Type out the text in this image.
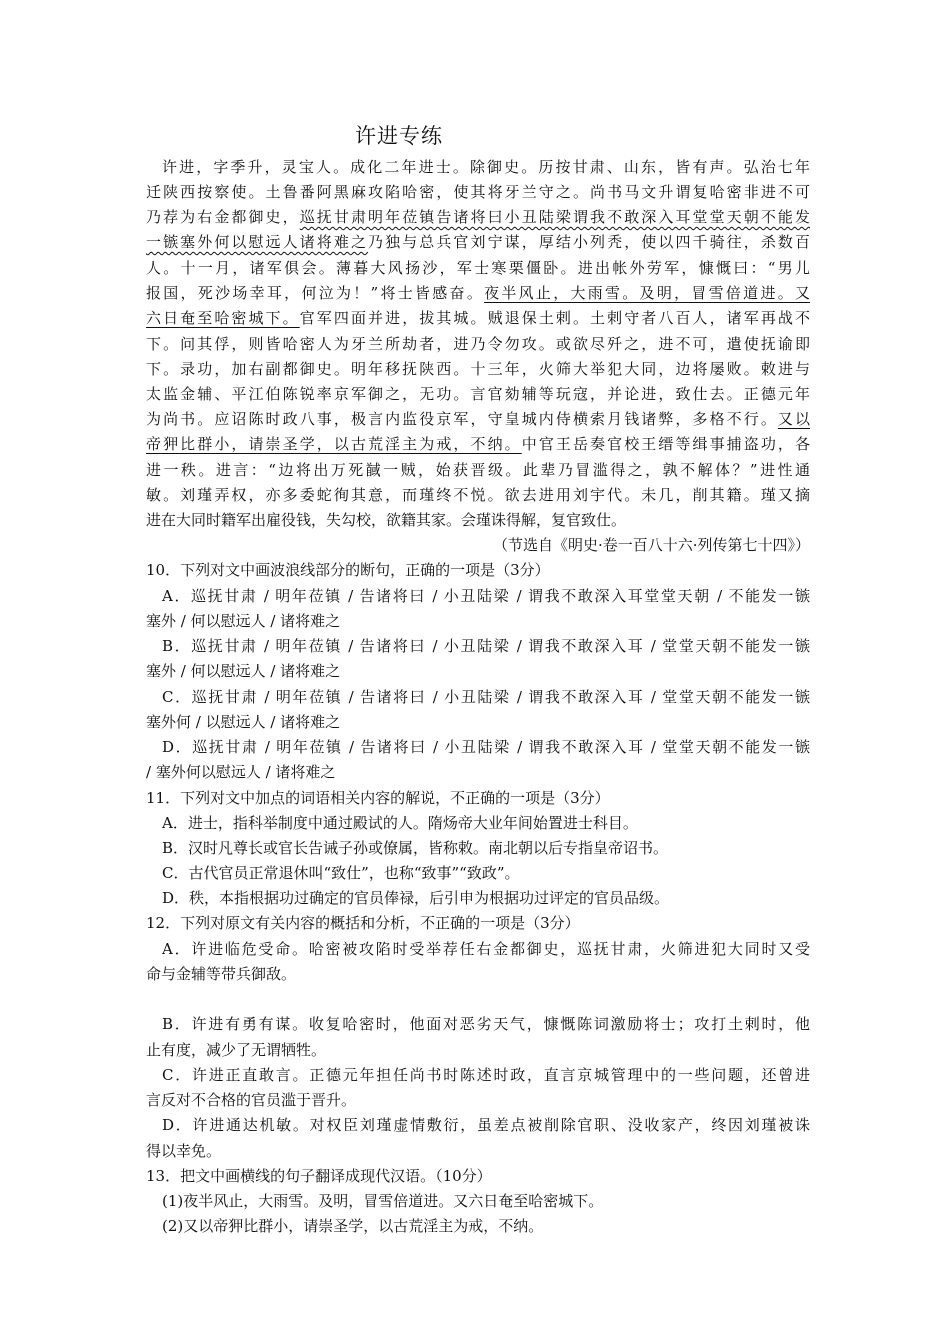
许进专练
许进，字季升，灵宝人。成化二年进士。除御史。历按甘肃、山东，皆有声。弘治七年
迁陕西按察使。土鲁番阿黑麻攻陷哈密，使其将牙兰守之。尚书马文升谓复哈密非进不可
乃荐为右金都御史，巡抚甘肃明年莅镇告诸将曰小丑陆梁谓我不敢深入耳堂堂天朝不能发
一镞塞外何以慰远人诸将难之乃独与总兵官刘宁谋，厚结小列秃，使以四千骑往，杀数百
人。十一月，诸军俱会。薄暮大风扬沙，军士寒栗僵卧。进出帐外劳军，慷慨曰：“男儿
报国，死沙场幸耳，何泣为！”将士皆感奋。夜半风止，大雨雪。及明，冒雪倍道进。又
六日奄至哈密城下。官军四面并进，拔其城。贼退保土剌。土剌守者八百人，诸军再战不
下。问其俘，则皆哈密人为牙兰所劫者，进乃令勿攻。或欲尽歼之，进不可，遣使抚谕即
下。录功，加右副都御史。明年移抚陕西。十三年，火筛大举犯大同，边将屡败。敕进与
太监金辅、平江伯陈锐率京军御之，无功。言官劾辅等玩寇，并论进，致仕去。正德元年
为尚书。应诏陈时政八事，极言内监役京军，守皇城内侍横索月钱诸弊，多格不行。又以
帝狎比群小，请崇圣学，以古荒淫主为戒，不纳。中官王岳奏官校王缙等缉事捕盗功，各
进一秩。进言：“边将出万死馘一贼，始获晋级。此辈乃冒滥得之，孰不解体？”进性通
敏。刘瑾弄权，亦多委蛇徇其意，而瑾终不悦。欲去进用刘宇代。未几，削其籍。瑾又摘
进在大同时籍军出雇役钱，失勾校，欲籍其家。会瑾诛得解，复官致仕。
（节选自《明史·卷一百八十六·列传第七十四》）
10．下列对文中画波浪线部分的断句，正确的一项是（3分）
A．巡抚甘肃 / 明年莅镇 / 告诸将曰 / 小丑陆梁 / 谓我不敢深入耳堂堂天朝 / 不能发一镞
塞外 / 何以慰远人 / 诸将难之
B．巡抚甘肃 / 明年莅镇 / 告诸将曰 / 小丑陆梁 / 谓我不敢深入耳 / 堂堂天朝不能发一镞
塞外 / 何以慰远人 / 诸将难之
C．巡抚甘肃 / 明年莅镇 / 告诸将曰 / 小丑陆梁 / 谓我不敢深入耳 / 堂堂天朝不能发一镞
塞外何 / 以慰远人 / 诸将难之
D．巡抚甘肃 / 明年莅镇 / 告诸将曰 / 小丑陆梁 / 谓我不敢深入耳 / 堂堂天朝不能发一镞
/ 塞外何以慰远人 / 诸将难之
11．下列对文中加点的词语相关内容的解说，不正确的一项是（3分）
A．进士，指科举制度中通过殿试的人。隋炀帝大业年间始置进士科目。
B．汉时凡尊长或官长告诫子孙或僚属，皆称敕。南北朝以后专指皇帝诏书。
C．古代官员正常退休叫“致仕”，也称“致事”“致政”。
D．秩，本指根据功过确定的官员俸禄，后引申为根据功过评定的官员品级。
12．下列对原文有关内容的概括和分析，不正确的一项是（3分）
A．许进临危受命。哈密被攻陷时受举荐任右金都御史，巡抚甘肃，火筛进犯大同时又受
命与金辅等带兵御敌。
B．许进有勇有谋。收复哈密时，他面对恶劣天气，慷慨陈词激励将士；攻打土剌时，他
止有度，减少了无谓牺牲。
C．许进正直敢言。正德元年担任尚书时陈述时政，直言京城管理中的一些问题，还曾进
言反对不合格的官员滥于晋升。
D．许进通达机敏。对权臣刘瑾虚情敷衍，虽差点被削除官职、没收家产，终因刘瑾被诛
得以幸免。
13．把文中画横线的句子翻译成现代汉语。（10分）
(1)夜半风止，大雨雪。及明，冒雪倍道进。又六日奄至哈密城下。
(2)又以帝狎比群小，请崇圣学，以古荒淫主为戒，不纳。
